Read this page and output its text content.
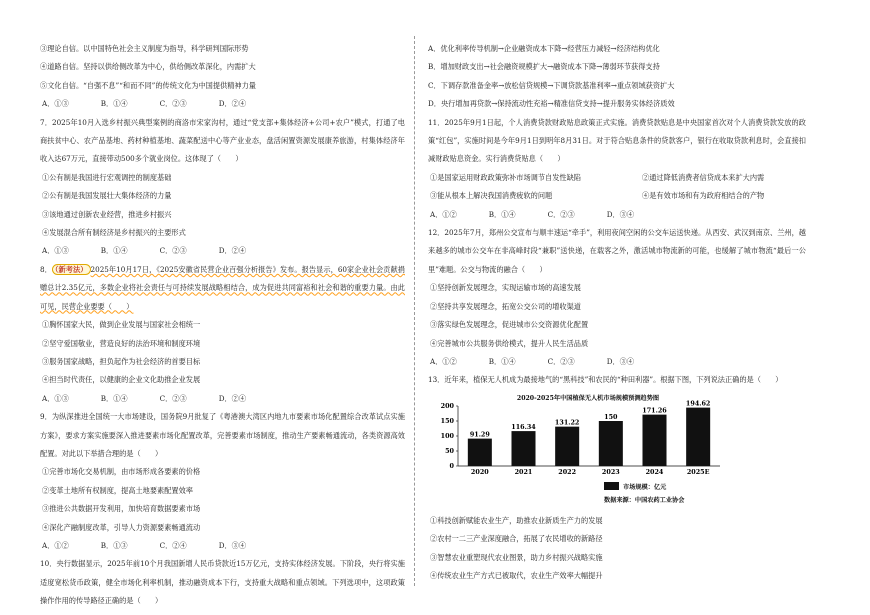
③理论自信。以中国特色社会主义制度为指导，科学研判国际形势
④道路自信。坚持以供给侧改革为中心，供给侧改革深化，内需扩大
⑤文化自信。“自强不息”“和而不同”的传统文化为中国提供精神力量
A．①③	B．①④	C．②③	D．②④
7．2025年10月入选乡村振兴典型案例的商洛市宋家沟村，通过“党支部+集体经济+公司+农户”模式，打通了电商扶贫中心、农产品基地、药材种植基地、蔬菜配送中心等产业业态，盘活闲置资源发展康养旅游，村集体经济年收入达67万元，直接带动500多个就业岗位。这体现了（　　）
①公有制是我国进行宏观调控的制度基础
②公有制是我国发展壮大集体经济的力量
③该地通过创新农业经营，推进乡村振兴
④发展混合所有制经济是乡村振兴的主要形式
A．①③	B．①④	C．②③	D．②④
8． （新考法） 2025年10月17日，《2025安徽省民营企业百强分析报告》发布。报告显示，60家企业社会贡献捐赠总计2.35亿元，多数企业将社会责任与可持续发展战略相结合，成为促进共同富裕和社会和谐的重要力量。由此可见，民营企业要要（　　）
①胸怀国家大民，做到企业发展与国家社会相统一
②坚守爱国敬业，营造良好的法治环境和制度环境
③服务国家战略，担负起作为社会经济的首要目标
④担当时代责任，以健康的企业文化助推企业发展
A．①③	B．①④	C．②③	D．②④
9．为纵深推进全国统一大市场建设，国务院9月批复了《粤港澳大湾区内地九市要素市场化配置综合改革试点实施方案》，要求方案实施要深入推进要素市场化配置改革，完善要素市场制度，推动生产要素畅通流动，各类资源高效配置。对此以下举措合理的是（　　）
①完善市场化交易机制，由市场形成各要素的价格
②变革土地所有权制度，提高土地要素配置效率
③推进公共数据开发利用，加快培育数据要素市场
④深化产融制度改革，引导人力资源要素畅通流动
A．①②	B．①③	C．②④	D．③④
10．央行数据显示，2025年前10个月我国新增人民币贷款近15万亿元，支持实体经济发展。下阶段，央行将实施适度宽松货币政策，健全市场化利率机制，推动融资成本下行，支持重大战略和重点领域。下列选项中，这项政策操作作用的传导路径正确的是（　　）
A．优化利率传导机制→企业融资成本下降→经营压力减轻→经济结构优化
B．增加财政支出→社会融资规模扩大→融资成本下降→薄弱环节获得支持
C．下调存款准备金率→放松信贷规模→下调贷款基准利率→重点领域获资扩大
D．央行增加再贷款→保持流动性充裕→精准信贷支持→提升服务实体经济质效
11．2025年9月1日起，个人消费贷款财政贴息政策正式实施。消费贷款贴息是中央国家首次对个人消费贷款发放的政策“红包”，实施时间是今年9月1日到明年8月31日。对于符合贴息条件的贷款客户，银行在收取贷款利息时，会直接扣减财政贴息资金。实行消费贷贴息（　　）
①是国家运用财政政策弥补市场调节自发性缺陷	②通过降低消费者信贷成本来扩大内需
③能从根本上解决我国消费疲软的问题	④是有效市场和有为政府相结合的产物
A．①②	B．①④	C．②③	D．③④
12．2025年7月，郑州公交宣布与顺丰速运“牵手”，利用夜间空闲的公交车运送快递。从西安、武汉到南京、兰州，越来越多的城市公交车在非高峰时段“兼职”送快递，在载客之外，激活城市物流新的可能，也缓解了城市物流“最后一公里”难题。公交与物流的融合（　　）
①坚持创新发展理念，实现运输市场的高速发展
②坚持共享发展理念，拓宽公交公司的增收渠道
③落实绿色发展理念，促进城市公交资源优化配置
④完善城市公共服务供给模式，提升人民生活品质
A．①②	B．①④	C．②③	D．③④
13．近年来，植保无人机成为最接地气的“黑科技”和农民的“种田利器”。根据下图，下列说法正确的是（　　）
2020-2025年中国植保无人机市场规模预测趋势图
0
50
100
150
200
91.29
2020
116.34
2021
131.22
2022
150
2023
171.26
2024
194.62
2025E
市场规模：亿元
数据来源：中国农药工业协会
①科技创新赋能农业生产，助推农业新质生产力的发展
②农村一二三产业深度融合，拓展了农民增收的新路径
③智慧农业重塑现代农业图景，助力乡村振兴战略实施
④传统农业生产方式已被取代，农业生产效率大幅提升
